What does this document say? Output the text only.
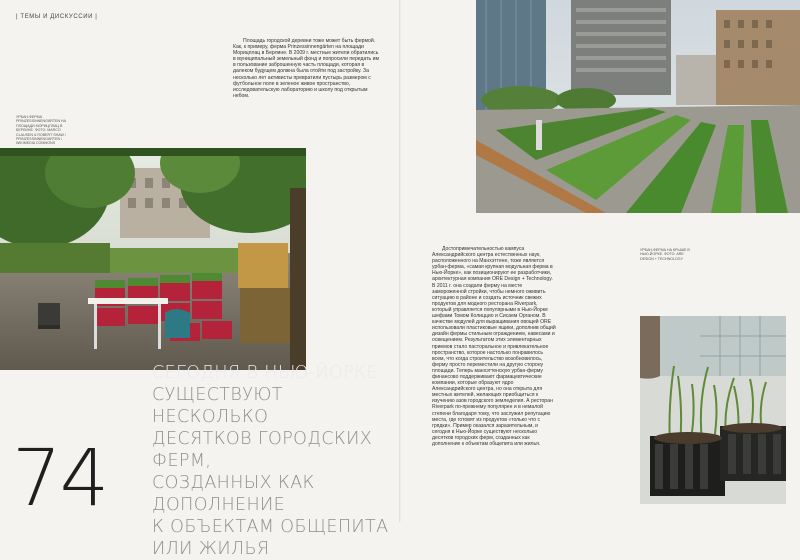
| ТЕМЫ И ДИСКУССИИ |

Площадь городской деревни тоже может быть фермой. Как, к примеру, ферма Prinzessinnengärten на площади Морицплац в Берлине. В 2009 г. местные жители обратились в муниципальный земельный фонд и попросили передать им в пользование заброшенную часть площади, которая в далеком будущем должна была отойти под застройку. За несколько лет активисты превратили пустырь размером с футбольное поле в зеленое живое пространство, исследовательскую лабораторию и школу под открытым небом.

УРБАН-ФЕРМА PRINZESSINNENGÄRTEN НА ПЛОЩАДИ МОРИЦПЛАЦ В БЕРЛИНЕ. ФОТО: MARCO CLAUSEN & ROBERT SHAW / PRINZESSINNENGÄRTEN / WIKIMEDIA COMMONS
СЕГОДНЯ В НЬЮ-ЙОРКЕ
СУЩЕСТВУЮТ НЕСКОЛЬКО
ДЕСЯТКОВ ГОРОДСКИХ ФЕРМ,
СОЗДАННЫХ КАК ДОПОЛНЕНИЕ
К ОБЪЕКТАМ ОБЩЕПИТА
ИЛИ ЖИЛЬЯ
74
УРБАН-ФЕРМА НА КРЫШЕ В НЬЮ-ЙОРКЕ. ФОТО: ARE DESIGN + TECHNOLOGY

Достопримечательностью кампуса Александрийского центра естественных наук, расположенного на Манхэттене, тоже является урбан-ферма, «самая крупная модульная ферма в Нью-Йорке», как позиционируют ее разработчики, архитектурная компания ORE Design + Technology. В 2011 г. она создали ферму на месте замороженной стройки, чтобы немного оживить ситуацию в районе и создать источник свежих продуктов для модного ресторана Riverpark, который управляется популярными в Нью-Йорке шефами Томом Колиццио и Сисаем Органом. В качестве модулей для выращивания овощей ORE использовали пластиковые ящики, дополнив общий дизайн фермы стильным ограждением, навесами и освещением. Результатом этих элементарных приемов стало пасторальное и привлекательное пространство, которое настолько понравилось всем, что когда строительство возобновилось, ферму просто переместили на другую сторону площади. Теперь манхэттенскую урбан-ферму финансово поддерживают фармацевтические компании, которые образуют ядро Александрийского центра, но она открыта для местных жителей, желающих приобщиться к изучению азов городского земледелия. А ресторан Riverpark по-прежнему популярен и в немалой степени благодаря тому, что заслужил репутацию места, где готовят из продуктов «только что с грядки». Пример оказался заразительным, и сегодня в Нью-Йорке существуют несколько десятков городских ферм, созданных как дополнение к объектам общепита или жилья.
